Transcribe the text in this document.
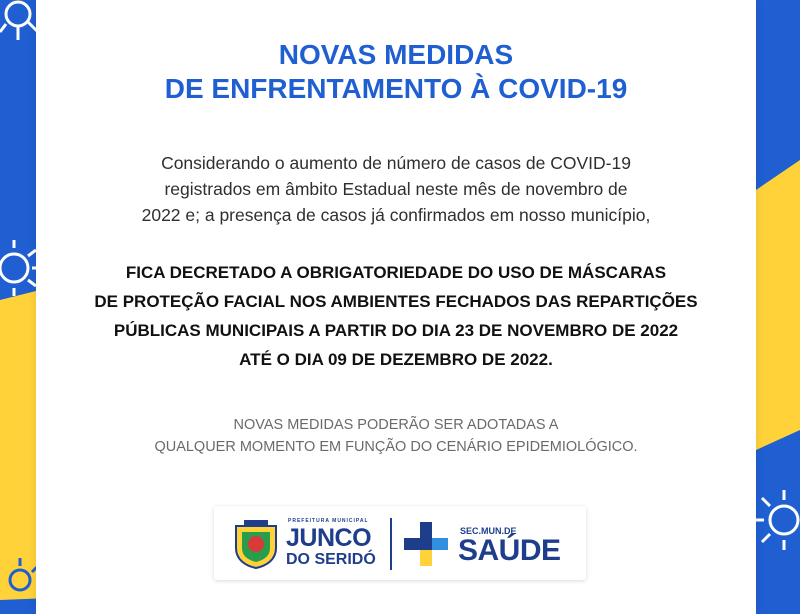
NOVAS MEDIDAS
DE ENFRENTAMENTO À COVID-19
Considerando o aumento de número de casos de COVID-19
registrados em âmbito Estadual neste mês de novembro de
2022 e; a presença de casos já confirmados em nosso município,
FICA DECRETADO A OBRIGATORIEDADE DO USO DE MÁSCARAS
DE PROTEÇÃO FACIAL NOS AMBIENTES FECHADOS DAS REPARTIÇÕES
PÚBLICAS MUNICIPAIS A PARTIR DO DIA 23 DE NOVEMBRO DE 2022
ATÉ O DIA 09 DE DEZEMBRO DE 2022.
NOVAS MEDIDAS PODERÃO SER ADOTADAS A
QUALQUER MOMENTO EM FUNÇÃO DO CENÁRIO EPIDEMIOLÓGICO.
PREFEITURA MUNICIPAL
JUNCO
DO SERIDÓ
SEC.MUN.DE
SAÚDE
